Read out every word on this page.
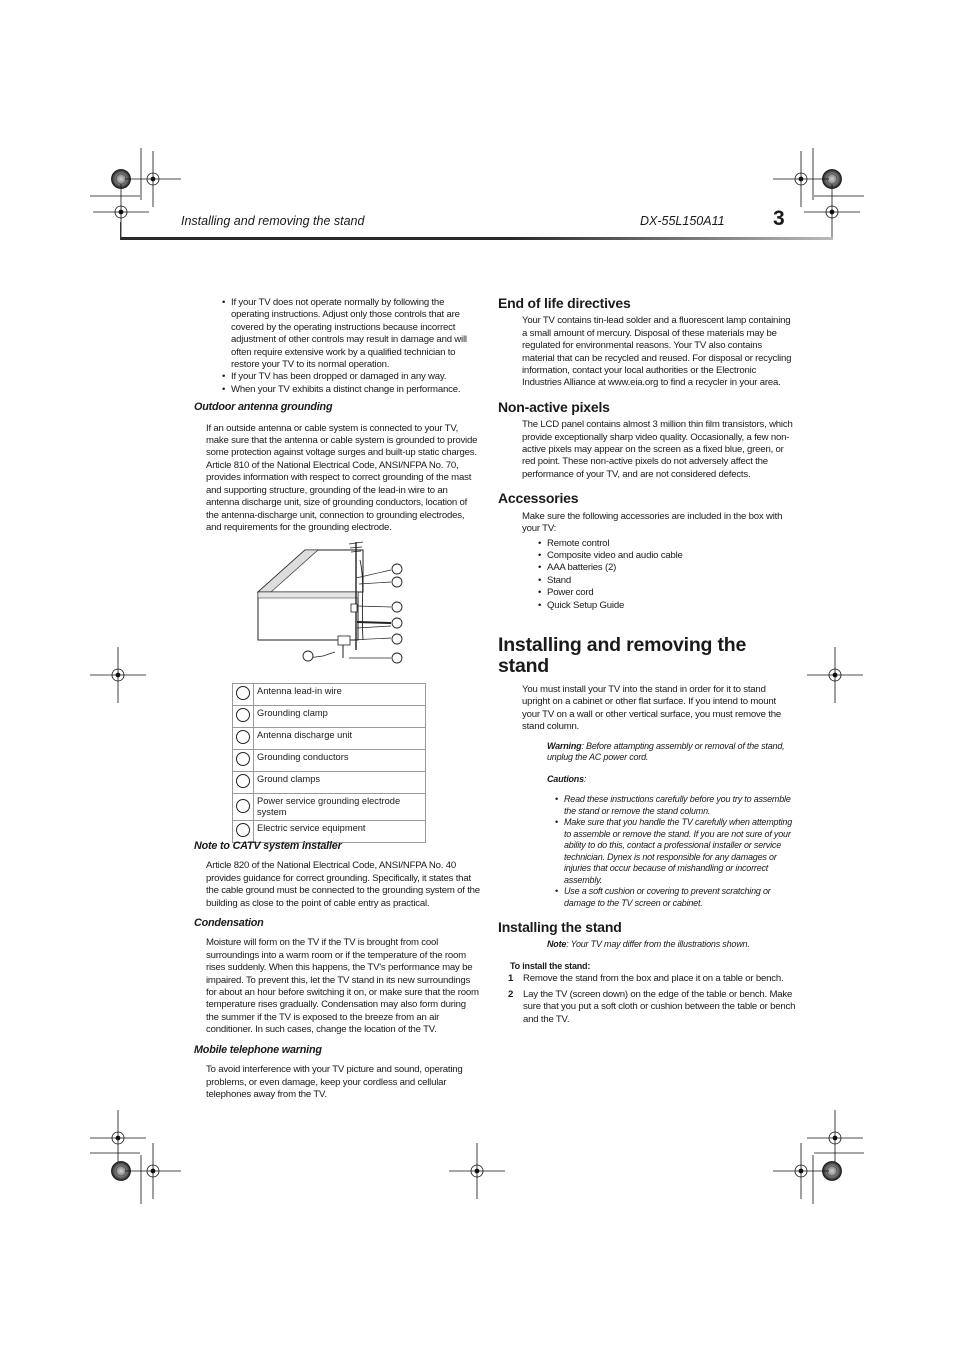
Installing and removing the stand	DX-55L150A11 3
• If your TV does not operate normally by following the operating instructions. Adjust only those controls that are covered by the operating instructions because incorrect adjustment of other controls may result in damage and will often require extensive work by a qualified technician to restore your TV to its normal operation.
• If your TV has been dropped or damaged in any way.
• When your TV exhibits a distinct change in performance.
Outdoor antenna grounding

If an outside antenna or cable system is connected to your TV, make sure that the antenna or cable system is grounded to provide some protection against voltage surges and built-up static charges. Article 810 of the National Electrical Code, ANSI/NFPA No. 70, provides information with respect to correct grounding of the mast and supporting structure, grounding of the lead-in wire to an antenna discharge unit, size of grounding conductors, location of the antenna-discharge unit, connection to grounding electrodes, and requirements for the grounding electrode.

	Antenna lead-in wire
	Grounding clamp
	Antenna discharge unit
	Grounding conductors
	Ground clamps
	Power service grounding electrode system
	Electric service equipment
Note to CATV system installer

Article 820 of the National Electrical Code, ANSI/NFPA No. 40 provides guidance for correct grounding. Specifically, it states that the cable ground must be connected to the grounding system of the building as close to the point of cable entry as practical.

Condensation

Moisture will form on the TV if the TV is brought from cool surroundings into a warm room or if the temperature of the room rises suddenly. When this happens, the TV's performance may be impaired. To prevent this, let the TV stand in its new surroundings for about an hour before switching it on, or make sure that the room temperature rises gradually. Condensation may also form during the summer if the TV is exposed to the breeze from an air conditioner. In such cases, change the location of the TV.

Mobile telephone warning

To avoid interference with your TV picture and sound, operating problems, or even damage, keep your cordless and cellular telephones away from the TV.

End of life directives

Your TV contains tin-lead solder and a fluorescent lamp containing a small amount of mercury. Disposal of these materials may be regulated for environmental reasons. Your TV also contains material that can be recycled and reused. For disposal or recycling information, contact your local authorities or the Electronic Industries Alliance at www.eia.org to find a recycler in your area.

Non-active pixels

The LCD panel contains almost 3 million thin film transistors, which provide exceptionally sharp video quality. Occasionally, a few non-active pixels may appear on the screen as a fixed blue, green, or red point. These non-active pixels do not adversely affect the performance of your TV, and are not considered defects.

Accessories

Make sure the following accessories are included in the box with your TV:

• Remote control
• Composite video and audio cable
• AAA batteries (2)
• Stand
• Power cord
• Quick Setup Guide
Installing and removing the stand

You must install your TV into the stand in order for it to stand upright on a cabinet or other flat surface. If you intend to mount your TV on a wall or other vertical surface, you must remove the stand column.

Warning: Before attampting assembly or removal of the stand, unplug the AC power cord.

Cautions:

• Read these instructions carefully before you try to assemble the stand or remove the stand column.
• Make sure that you handle the TV carefully when attempting to assemble or remove the stand. If you are not sure of your ability to do this, contact a professional installer or service technician. Dynex is not responsible for any damages or injuries that occur because of mishandling or incorrect assembly.
• Use a soft cushion or covering to prevent scratching or damage to the TV screen or cabinet.
Installing the stand

Note: Your TV may differ from the illustrations shown.

To install the stand:

1 Remove the stand from the box and place it on a table or bench.
2 Lay the TV (screen down) on the edge of the table or bench. Make sure that you put a soft cloth or cushion between the table or bench and the TV.
